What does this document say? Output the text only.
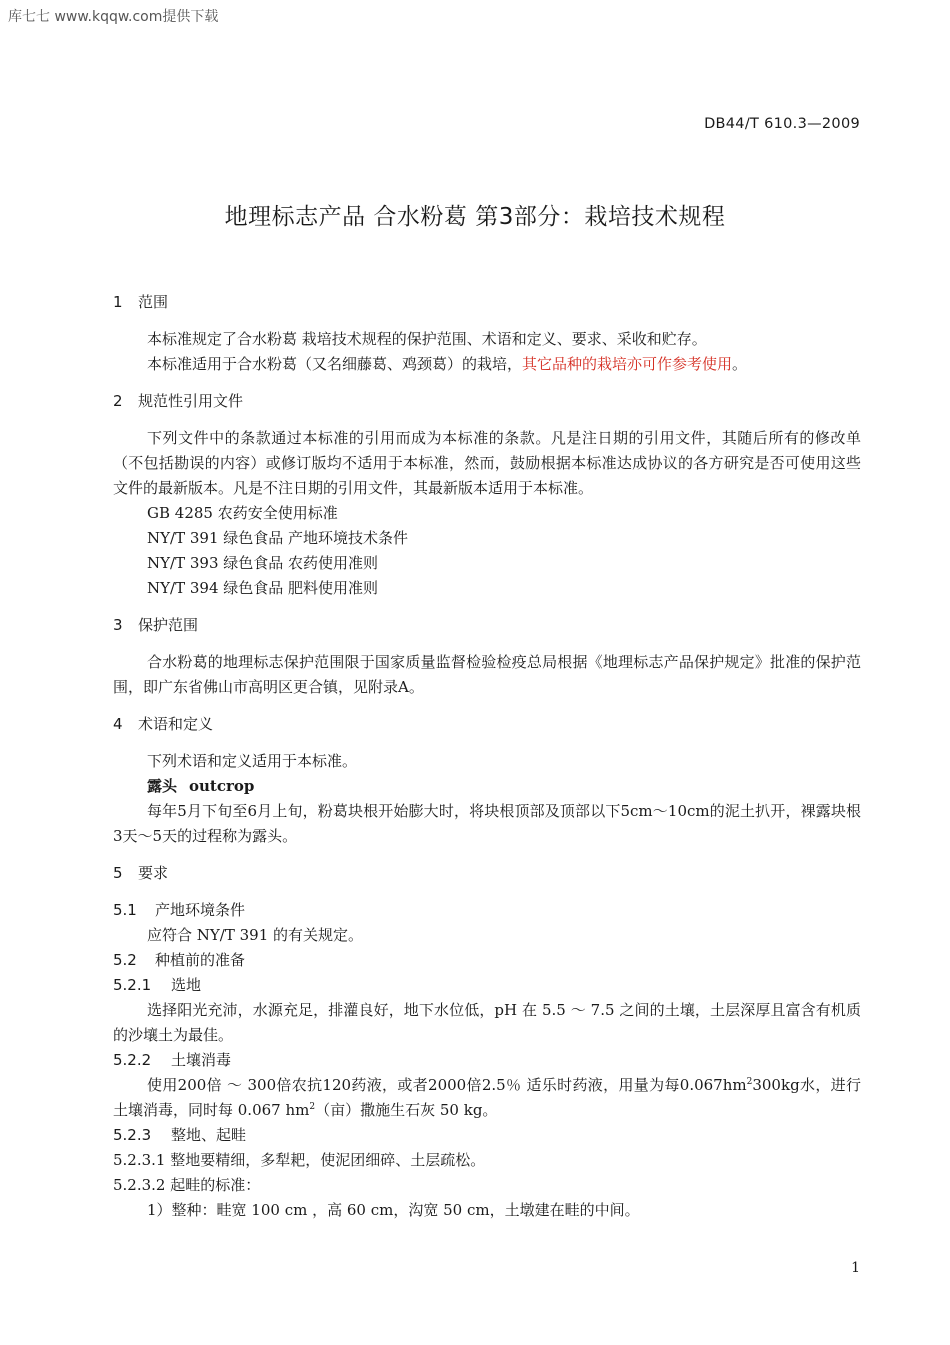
库七七 www.kqqw.com提供下载
DB44/T 610.3—2009
地理标志产品 合水粉葛 第3部分：栽培技术规程
1 范围

本标准规定了合水粉葛 栽培技术规程的保护范围、术语和定义、要求、采收和贮存。

本标准适用于合水粉葛（又名细藤葛、鸡颈葛）的栽培，其它品种的栽培亦可作参考使用。

2 规范性引用文件

下列文件中的条款通过本标准的引用而成为本标准的条款。凡是注日期的引用文件，其随后所有的修改单（不包括勘误的内容）或修订版均不适用于本标准，然而，鼓励根据本标准达成协议的各方研究是否可使用这些文件的最新版本。凡是不注日期的引用文件，其最新版本适用于本标准。

GB 4285 农药安全使用标准

NY/T 391 绿色食品 产地环境技术条件

NY/T 393 绿色食品 农药使用准则

NY/T 394 绿色食品 肥料使用准则

3 保护范围

合水粉葛的地理标志保护范围限于国家质量监督检验检疫总局根据《地理标志产品保护规定》批准的保护范围，即广东省佛山市高明区更合镇，见附录A。

4 术语和定义

下列术语和定义适用于本标准。

露头 outcrop

每年5月下旬至6月上旬，粉葛块根开始膨大时，将块根顶部及顶部以下5cm～10cm的泥土扒开，裸露块根3天～5天的过程称为露头。

5 要求
5.1 产地环境条件

应符合 NY/T 391 的有关规定。

5.2 种植前的准备
5.2.1 选地

选择阳光充沛，水源充足，排灌良好，地下水位低，pH 在 5.5 ～ 7.5 之间的土壤，土层深厚且富含有机质的沙壤土为最佳。

5.2.2 土壤消毒

使用200倍 ～ 300倍农抗120药液，或者2000倍2.5％ 适乐时药液，用量为每$0.067hm^2300kg$水，进行土壤消毒，同时每 0.067 $hm^2$（亩）撒施生石灰 50 kg。

5.2.3 整地、起畦

5.2.3.1 整地要精细，多犁耙，使泥团细碎、土层疏松。

5.2.3.2 起畦的标准：

1）整种：畦宽 100 cm ，高 60 cm，沟宽 50 cm，土墩建在畦的中间。

1
